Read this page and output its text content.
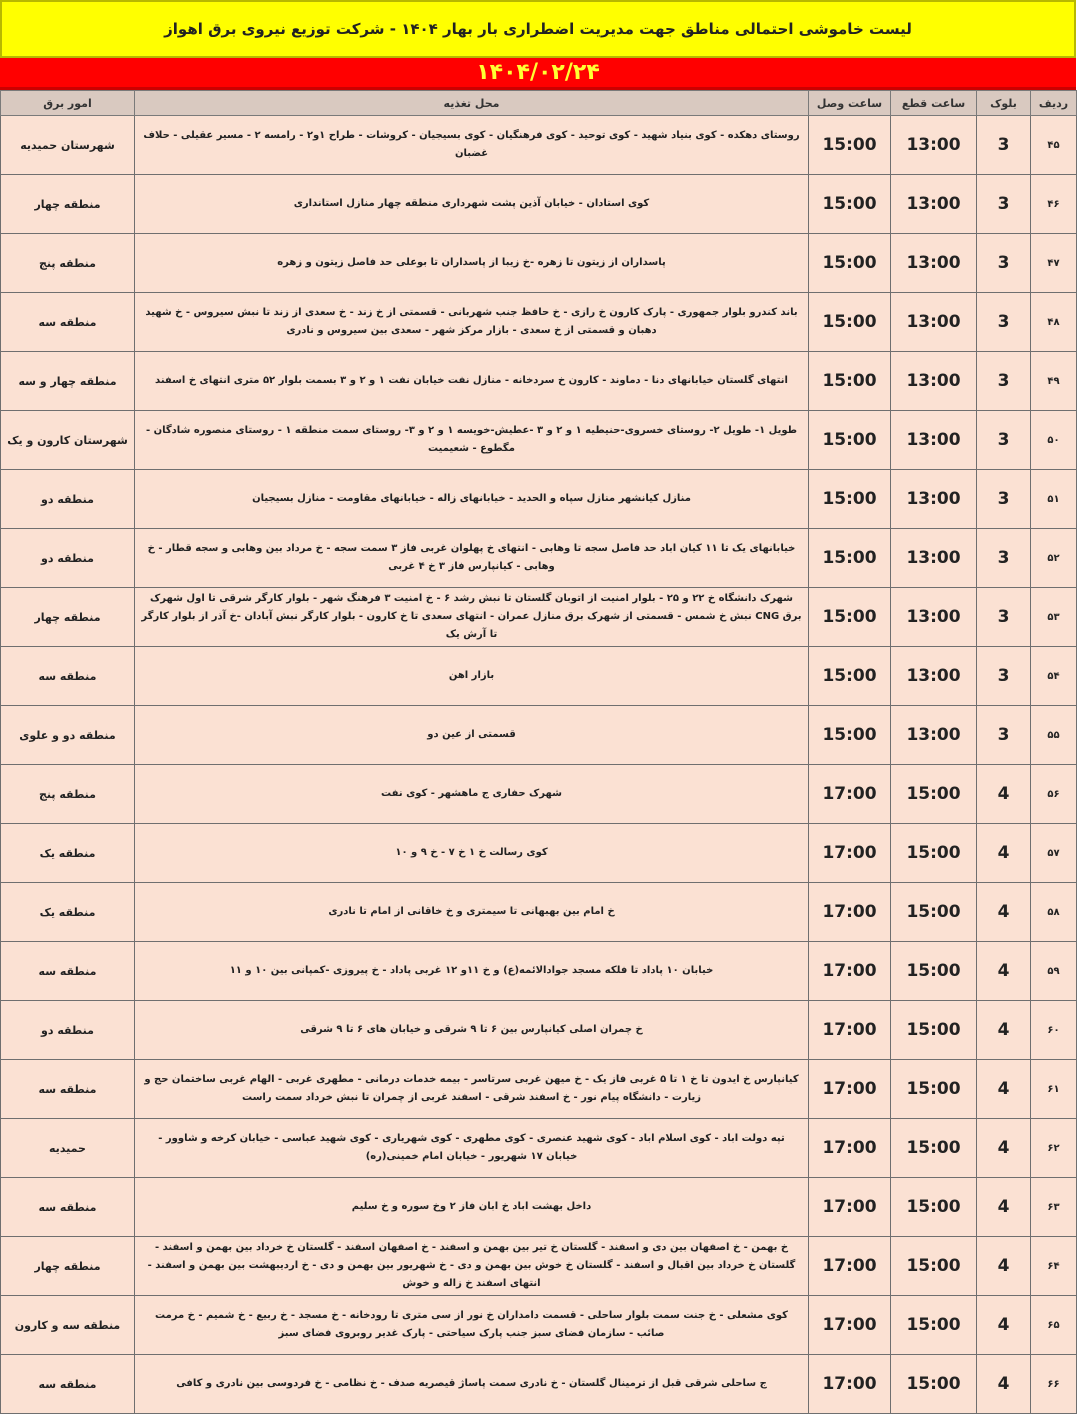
لیست خاموشی احتمالی مناطق جهت مدیریت اضطراری بار بهار ۱۴۰۴ - شرکت توزیع نیروی برق اهواز
۱۴۰۴/۰۲/۲۴
ردیف	بلوک	ساعت قطع	ساعت وصل	محل تغذیه	امور برق
۴۵	3	13:00	15:00	روستای دهکده - کوی بنیاد شهید - کوی توحید - کوی فرهنگیان - کوی بسیجیان - کروشات - طراح ۱و۲ - رامسه ۲ - مسیر عقیلی - حلاف غضبان	شهرستان حمیدیه
۴۶	3	13:00	15:00	کوی استادان - خیابان آذین پشت شهرداری منطقه چهار منازل استانداری	منطقه چهار
۴۷	3	13:00	15:00	پاسداران از زیتون تا زهره -خ زیبا از پاسداران تا بوعلی حد فاصل زیتون و زهره	منطقه پنج
۴۸	3	13:00	15:00	باند کندرو بلوار جمهوری - پارک کارون خ رازی - خ حافظ جنب شهربانی - قسمتی از خ زند - خ سعدی از زند تا نبش سیروس - خ شهید دهبان و قسمتی از خ سعدی - بازار مرکز شهر - سعدی بین سیروس و نادری	منطقه سه
۴۹	3	13:00	15:00	انتهای گلستان خیابانهای دنا - دماوند - کارون خ سردخانه - منازل نفت خیابان نفت ۱ و ۲ و ۳ بسمت بلوار ۵۲ متری انتهای خ اسفند	منطقه چهار و سه
۵۰	3	13:00	15:00	طویل ۱- طویل ۲- روستای خسروی-حنیطیه ۱ و ۲ و ۳ -عطیش-خویسه ۱ و ۲ و ۳- روستای سمت منطقه ۱ - روستای منصوره شادگان - مگطوع - شعیمیت	شهرستان کارون و یک
۵۱	3	13:00	15:00	منازل کیانشهر منازل سپاه و الحدید - خیابانهای زاله - خیابانهای مقاومت - منازل بسیجیان	منطقه دو
۵۲	3	13:00	15:00	خیابانهای یک تا ۱۱ کیان اباد حد فاصل سجه تا وهابی - انتهای خ پهلوان غربی فاز ۳ سمت سجه - خ مرداد بین وهابی و سجه قطار - خ وهابی - کیانپارس فاز ۳ خ ۴ غربی	منطقه دو
۵۳	3	13:00	15:00	شهرک دانشگاه خ ۲۲ و ۲۵ - بلوار امنیت از اتوبان گلستان تا نبش رشد ۶ - خ امنیت ۳ فرهنگ شهر - بلوار کارگر شرقی تا اول شهرک برق CNG نبش خ شمس - قسمتی از شهرک برق منازل عمران - انتهای سعدی تا خ کارون - بلوار کارگر نبش آبادان -خ آذر از بلوار کارگر تا آرش یک	منطقه چهار
۵۴	3	13:00	15:00	بازار اهن	منطقه سه
۵۵	3	13:00	15:00	قسمتی از عین دو	منطقه دو و علوی
۵۶	4	15:00	17:00	شهرک حفاری ج ماهشهر - کوی نفت	منطقه پنج
۵۷	4	15:00	17:00	کوی رسالت خ ۱ خ ۷ - خ ۹ و ۱۰	منطقه یک
۵۸	4	15:00	17:00	خ امام بین بهبهانی تا سیمتری و خ خاقانی از امام تا نادری	منطقه یک
۵۹	4	15:00	17:00	خیابان ۱۰ پاداد تا فلکه مسجد جوادالائمه(ع) و خ ۱۱و ۱۲ غربی پاداد - خ پیروزی -کمپانی بین ۱۰ و ۱۱	منطقه سه
۶۰	4	15:00	17:00	خ چمران اصلی کیانپارس بین ۶ تا ۹ شرقی و خیابان های ۶ تا ۹ شرقی	منطقه دو
۶۱	4	15:00	17:00	کیانپارس خ ایدون تا خ ۱ تا ۵ غربی فاز یک - خ میهن غربی سرتاسر - بیمه خدمات درمانی - مطهری غربی - الهام غربی ساختمان حج و زیارت - دانشگاه پیام نور - خ اسفند شرقی - اسفند غربی از چمران تا نبش خرداد سمت راست	منطقه سه
۶۲	4	15:00	17:00	تپه دولت اباد - کوی اسلام اباد - کوی شهید عنصری - کوی مطهری - کوی شهریاری - کوی شهید عباسی - خیابان کرخه و شاوور - خیابان ۱۷ شهریور - خیابان امام خمینی(ره)	حمیدیه
۶۳	4	15:00	17:00	داخل بهشت اباد خ ابان فاز ۲ وخ سوره و خ سلیم	منطقه سه
۶۴	4	15:00	17:00	خ بهمن - خ اصفهان بین دی و اسفند - گلستان خ تیر بین بهمن و اسفند - خ اصفهان اسفند - گلستان خ خرداد بین بهمن و اسفند - گلستان خ خرداد بین اقبال و اسفند - گلستان خ خوش بین بهمن و دی - خ شهریور بین بهمن و دی - خ اردیبهشت بین بهمن و اسفند - انتهای اسفند خ زاله و خوش	منطقه چهار
۶۵	4	15:00	17:00	کوی مشعلی - خ جنت سمت بلوار ساحلی - قسمت دامداران خ نور از سی متری تا رودخانه - خ مسجد - خ ربیع - خ شمیم - خ مرمت صائب - سازمان فضای سبز جنب پارک سیاحتی - پارک غدیر روبروی فضای سبز	منطقه سه و کارون
۶۶	4	15:00	17:00	ج ساحلی شرقی قبل از ترمینال گلستان - خ نادری سمت پاساژ قیصریه صدف - خ نظامی - خ فردوسی بین نادری و کافی	منطقه سه
